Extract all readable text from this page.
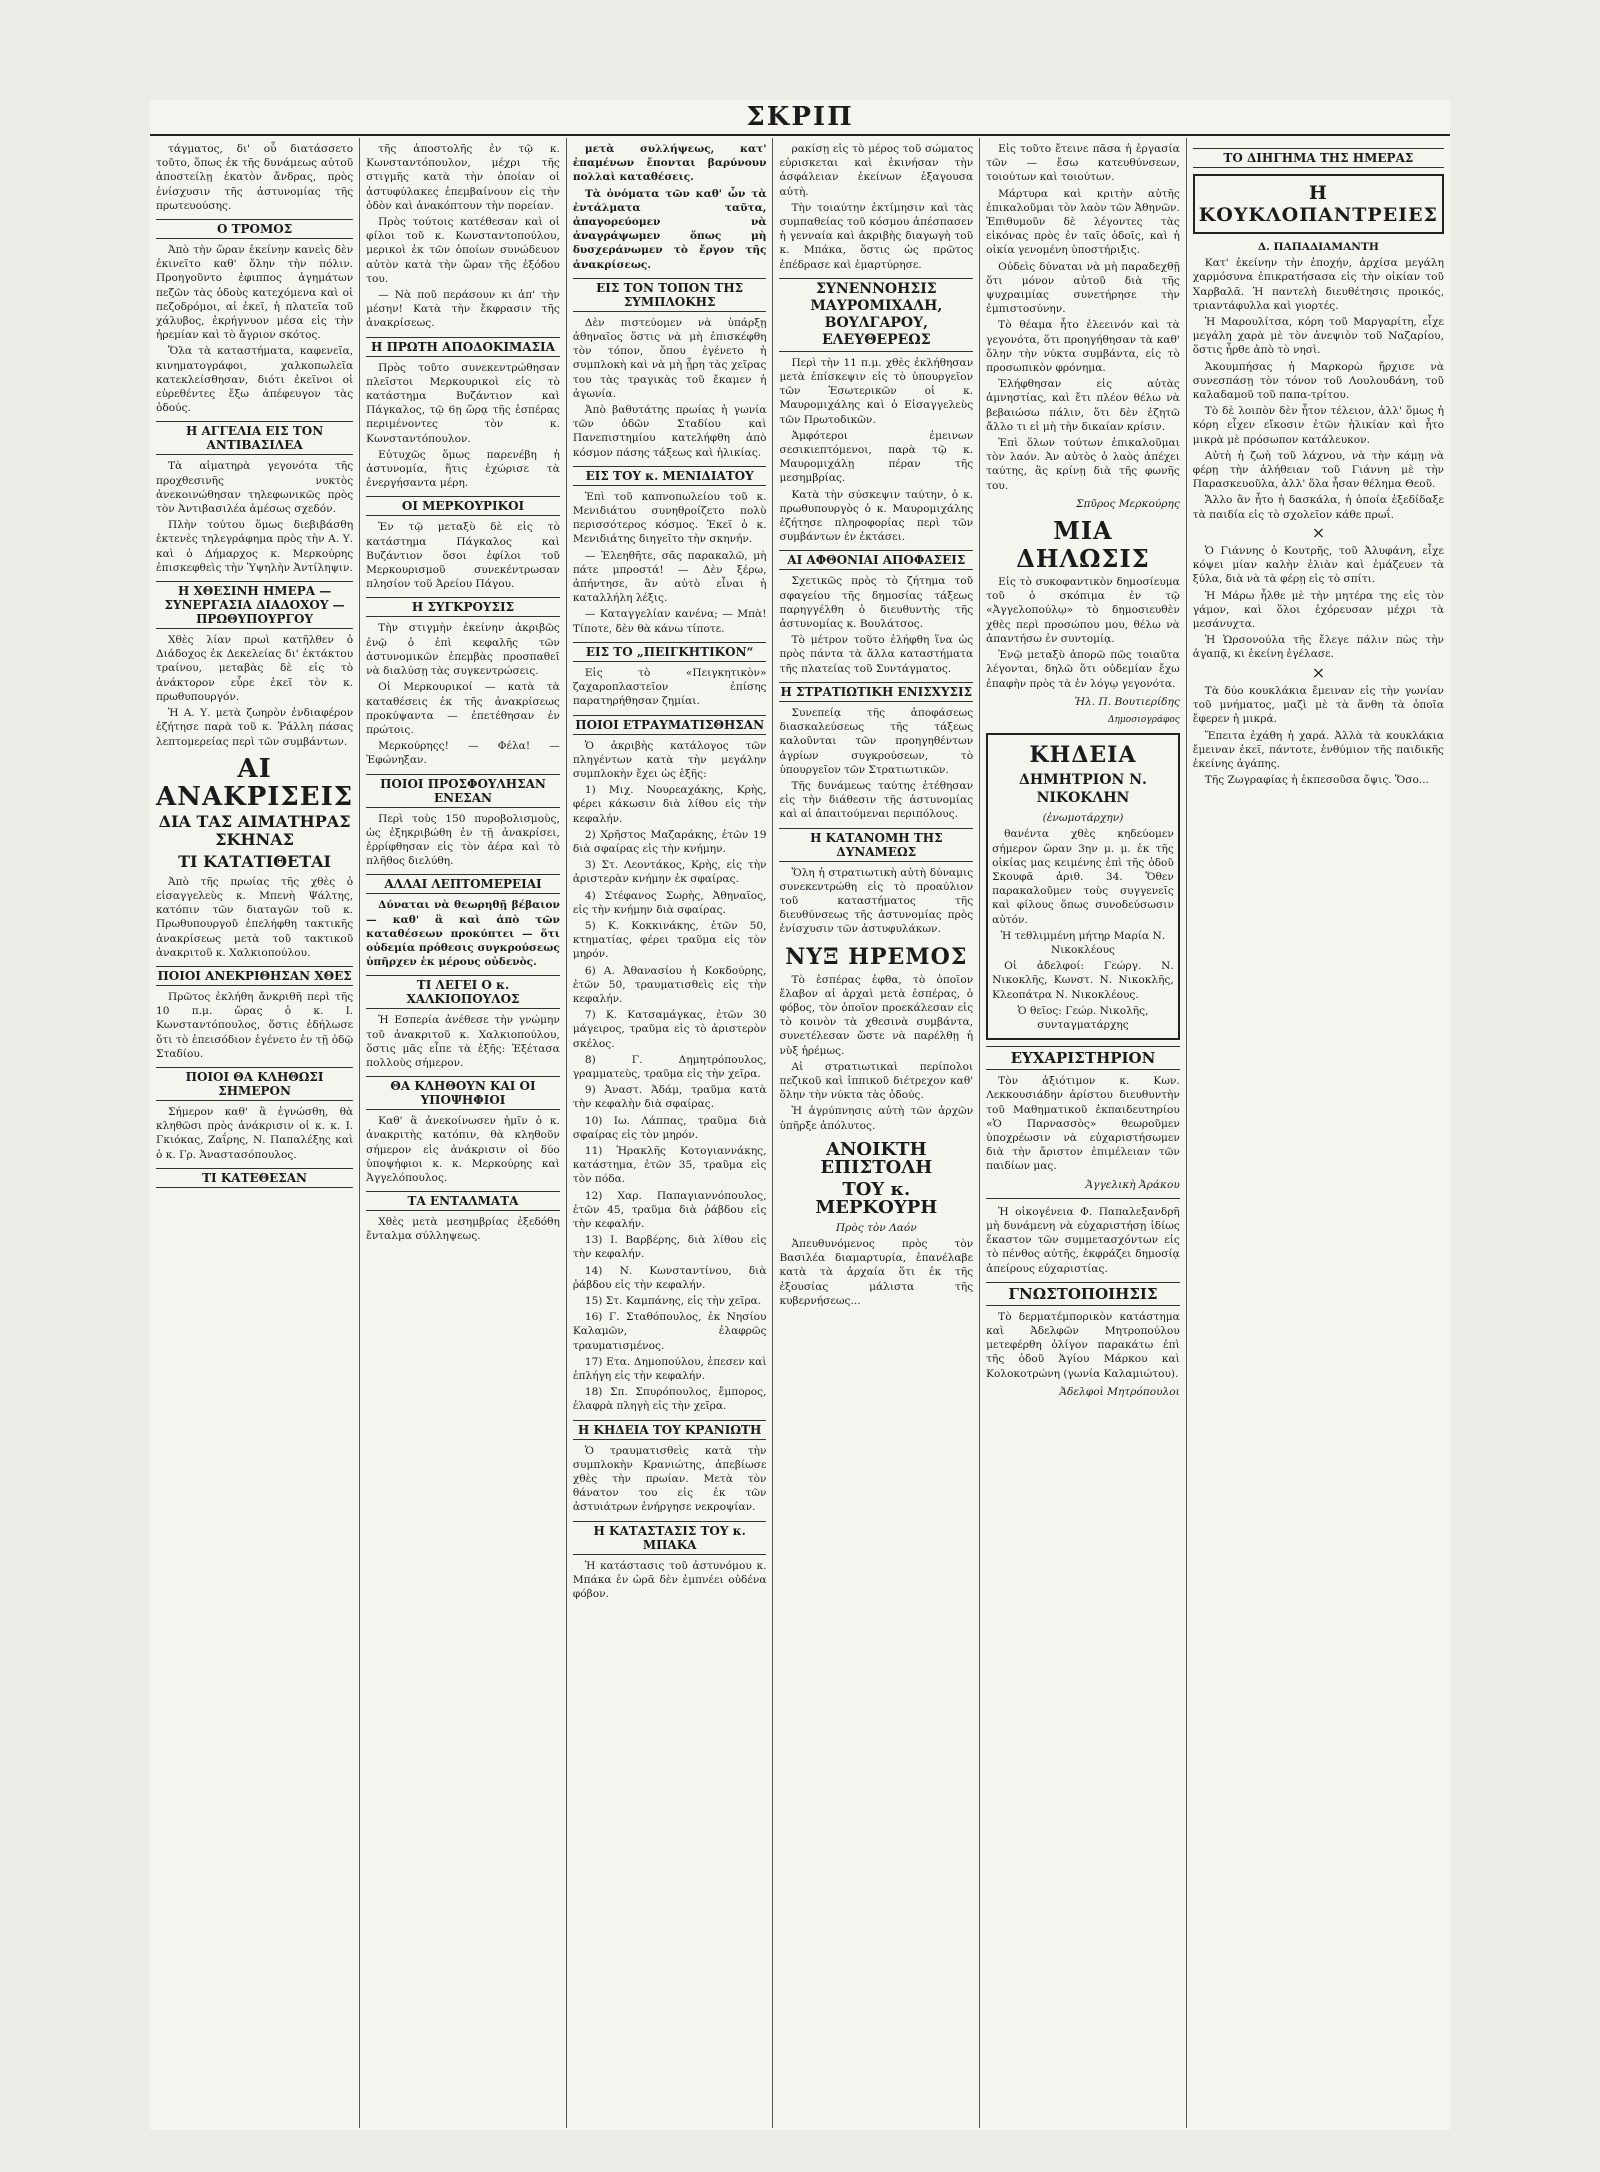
ΣΚΡΙΠ

τάγματος, δι' οὗ διατάσσετο τοῦτο, ὅπως ἐκ τῆς δυνάμεως αὐτοῦ ἀποστείλῃ ἑκατὸν ἄνδρας, πρὸς ἐνίσχυσιν τῆς ἀστυνομίας τῆς πρωτευούσης.

Ο ΤΡΟΜΟΣ

Ἀπὸ τὴν ὥραν ἐκείνην κανεὶς δὲν ἐκινεῖτο καθ' ὅλην τὴν πόλιν. Προηγοῦντο ἐφιππος ἀγημάτων πεζῶν τὰς ὁδοὺς κατεχόμενα καὶ οἱ πεζοδρόμοι, αἱ ἐκεῖ, ἡ πλατεῖα τοῦ χάλυβος, ἐκρήγνυον μέσα εἰς τὴν ἠρεμίαν καὶ τὸ ἄγριον σκότος.

Ὅλα τὰ καταστήματα, καφενεῖα, κινηματογράφοι, χαλκοπωλεῖα κατεκλείσθησαν, διότι ἐκεῖνοι οἱ εὑρεθέντες ἔξω ἀπέφευγον τὰς ὁδούς.

Η ΑΓΓΕΛΙΑ ΕΙΣ ΤΟΝ ΑΝΤΙΒΑΣΙΛΕΑ

Τὰ αἱματηρὰ γεγονότα τῆς προχθεσινῆς νυκτὸς ἀνεκοινώθησαν τηλεφωνικῶς πρὸς τὸν Ἀντιβασιλέα ἀμέσως σχεδόν.

Πλὴν τούτου ὅμως διεβιβάσθη ἐκτενὲς τηλεγράφημα πρὸς τὴν Α. Υ. καὶ ὁ Δήμαρχος κ. Μερκούρης ἐπισκεφθεὶς τὴν Ὑψηλὴν Ἀντίληψιν.

Η ΧΘΕΣΙΝΗ ΗΜΕΡΑ — ΣΥΝΕΡΓΑΣΙΑ ΔΙΑΔΟΧΟΥ — ΠΡΩΘΥΠΟΥΡΓΟΥ

Χθὲς λίαν πρωὶ κατῆλθεν ὁ Διάδοχος ἐκ Δεκελείας δι' ἐκτάκτου τραίνου, μεταβὰς δὲ εἰς τὸ ἀνάκτορον εὗρε ἐκεῖ τὸν κ. πρωθυπουργόν.

Ἡ Α. Υ. μετὰ ζωηρὸν ἐνδιαφέρον ἐζήτησε παρὰ τοῦ κ. Ῥάλλη πάσας λεπτομερείας περὶ τῶν συμβάντων.

ΑΙ ΑΝΑΚΡΙΣΕΙΣ
ΔΙΑ ΤΑΣ ΑΙΜΑΤΗΡΑΣ ΣΚΗΝΑΣ
ΤΙ ΚΑΤΑΤΙΘΕΤΑΙ

Ἀπὸ τῆς πρωίας τῆς χθὲς ὁ εἰσαγγελεὺς κ. Μπενὴ Ψάλτης, κατόπιν τῶν διαταγῶν τοῦ κ. Πρωθυπουργοῦ ἐπελήφθη τακτικῆς ἀνακρίσεως μετὰ τοῦ τακτικοῦ ἀνακριτοῦ κ. Χαλκιοπούλου.

ΠΟΙΟΙ ΑΝΕΚΡΙΘΗΣΑΝ ΧΘΕΣ

Πρῶτος ἐκλήθη ἄνκριθῆ περὶ τῆς 10 π.μ. ὥρας ὁ κ. Ι. Κωνσταντόπουλος, ὅστις ἐδήλωσε ὅτι τὸ ἐπεισόδιον ἐγένετο ἐν τῇ ὁδῷ Σταδίου.

ΠΟΙΟΙ ΘΑ ΚΛΗΘΩΣΙ ΣΗΜΕΡΟΝ

Σήμερον καθ' ἃ ἐγνώσθη, θὰ κληθῶσι πρὸς ἀνάκρισιν οἱ κ. κ. Ι. Γκιόκας, Ζαΐρης, Ν. Παπαλέξης καὶ ὁ κ. Γρ. Ἀναστασόπουλος.

ΤΙ ΚΑΤΕΘΕΣΑΝ

τῆς ἀποστολῆς ἐν τῷ κ. Κωνσταντόπουλον, μέχρι τῆς στιγμῆς κατὰ τὴν ὁποίαν οἱ ἀστυφύλακες ἐπεμβαίνουν εἰς τὴν ὁδὸν καὶ ἀνακόπτουν τὴν πορείαν.

Πρὸς τούτοις κατέθεσαν καὶ οἱ φίλοι τοῦ κ. Κωνσταντοπούλου, μερικοὶ ἐκ τῶν ὁποίων συνώδευον αὐτὸν κατὰ τὴν ὥραν τῆς ἐξόδου του.

— Νὰ ποῦ περάσουν κι ἀπ' τὴν μέσην! Κατὰ τὴν ἔκφρασιν τῆς ἀνακρίσεως.

Η ΠΡΩΤΗ ΑΠΟΔΟΚΙΜΑΣΙΑ

Πρὸς τοῦτο συνεκεντρώθησαν πλεῖστοι Μερκουρικοὶ εἰς τὸ κατάστημα Βυζάντιον καὶ Πάγκαλος, τῷ 6ῃ ὥρᾳ τῆς ἑσπέρας περιμένοντες τὸν κ. Κωνσταντόπουλον.

Εὐτυχῶς ὅμως παρενέβη ἡ ἀστυνομία, ἥτις ἐχώρισε τὰ ἐνεργήσαντα μέρη.

ΟΙ ΜΕΡΚΟΥΡΙΚΟΙ

Ἐν τῷ μεταξὺ δὲ εἰς τὸ κατάστημα Πάγκαλος καὶ Βυζάντιον ὅσοι ἐφίλοι τοῦ Μερκουρισμοῦ συνεκέντρωσαν πλησίον τοῦ Ἀρείου Πάγου.

Η ΣΥΓΚΡΟΥΣΙΣ

Τὴν στιγμὴν ἐκείνην ἀκριβῶς ἐνῷ ὁ ἐπὶ κεφαλῆς τῶν ἀστυνομικῶν ἐπεμβὰς προσπαθεῖ νὰ διαλύσῃ τὰς συγκεντρώσεις.

Οἱ Μερκουρικοί — κατὰ τὰ καταθέσεις ἐκ τῆς ἀνακρίσεως προκύψαντα — ἐπετέθησαν ἐν πρώτοις.

Μερκούρηςς! — Φέλα! — Ἐφώνηξαν.

ΠΟΙΟΙ ΠΡΟΣΦΟΥΛΗΣΑΝ ΕΝΕΣΑΝ

Περὶ τοὺς 150 πυροβολισμοὺς, ὡς ἐξηκριβώθη ἐν τῇ ἀνακρίσει, ἐρρίφθησαν εἰς τὸν ἀέρα καὶ τὸ πλῆθος διελύθη.

ΑΛΛΑΙ ΛΕΠΤΟΜΕΡΕΙΑΙ

Δύναται νὰ θεωρηθῇ βέβαιον — καθ' ἃ καὶ ἀπὸ τῶν καταθέσεων προκύπτει — ὅτι οὐδεμία πρόθεσις συγκρούσεως ὑπῆρχεν ἐκ μέρους οὐδενὸς.

ΤΙ ΛΕΓΕΙ Ο κ. ΧΑΛΚΙΟΠΟΥΛΟΣ

Ἡ Εσπερία ἀνέθεσε τὴν γνώμην τοῦ ἀνακριτοῦ κ. Χαλκιοπούλου, ὅστις μᾶς εἶπε τὰ ἑξῆς: Ἐξέτασα πολλοὺς σήμερον.

ΘΑ ΚΛΗΘΟΥΝ ΚΑΙ ΟΙ ΥΠΟΨΗΦΙΟΙ

Καθ' ἃ ἀνεκοίνωσεν ἡμῖν ὁ κ. ἀνακριτὴς κατόπιν, θὰ κληθοῦν σήμερον εἰς ἀνάκρισιν οἱ δύο ὑποψήφιοι κ. κ. Μερκούρης καὶ Ἀγγελόπουλος.

ΤΑ ΕΝΤΑΛΜΑΤΑ

Χθὲς μετὰ μεσημβρίας ἐξεδόθη ἔνταλμα σύλληψεως.

μετὰ συλλήψεως, κατ' ἐπαμένων ἔπονται βαρύνουν πολλαὶ καταθέσεις.

Τὰ ὀνόματα τῶν καθ' ὧν τὰ ἐντάλματα ταῦτα, ἀπαγορεύομεν νὰ ἀναγράψωμεν ὅπως μὴ δυσχεράνωμεν τὸ ἔργον τῆς ἀνακρίσεως.

ΕΙΣ ΤΟΝ ΤΟΠΟΝ ΤΗΣ ΣΥΜΠΛΟΚΗΣ

Δὲν πιστεύομεν νὰ ὑπάρξῃ ἀθηναῖος ὅστις νὰ μὴ ἐπισκέφθη τὸν τόπον, ὅπου ἐγένετο ἡ συμπλοκὴ καὶ νὰ μὴ ᾖρη τὰς χεῖρας του τὰς τραγικὰς τοῦ ἔκαμεν ἡ ἀγωνία.

Ἀπὸ βαθυτάτης πρωίας ἡ γωνία τῶν ὁδῶν Σταδίου καὶ Πανεπιστημίου κατελήφθη ἀπὸ κόσμον πάσης τάξεως καὶ ἡλικίας.

ΕΙΣ ΤΟΥ κ. ΜΕΝΙΔΙΑΤΟΥ

Ἐπὶ τοῦ καπνοπωλείου τοῦ κ. Μενιδιάτου συνηθροίζετο πολὺ περισσότερος κόσμος. Ἐκεῖ ὁ κ. Μενιδιάτης διηγεῖτο τὴν σκηνήν.

— Ἐλεηθῆτε, σᾶς παρακαλῶ, μὴ πάτε μπροστά! — Δὲν ξέρω, ἀπήντησε, ἂν αὐτὸ εἶναι ἡ καταλλήλη λέξις.

— Καταγγελίαν κανένα; — Μπὰ! Τίποτε, δὲν θὰ κάνω τίποτε.

ΕΙΣ ΤΟ „ΠΕΙΓΚΗΤΙΚΟΝ“

Εἰς τὸ «Πειγκητικὸν» ζαχαροπλαστεῖον ἐπίσης παρατηρήθησαν ζημίαι.

ΠΟΙΟΙ ΕΤΡΑΥΜΑΤΙΣΘΗΣΑΝ

Ὁ ἀκριβὴς κατάλογος τῶν πληγέντων κατὰ τὴν μεγάλην συμπλοκὴν ἔχει ὡς ἑξῆς:

1) Μιχ. Νουρεαχάκης, Κρὴς, φέρει κάκωσιν διὰ λίθου εἰς τὴν κεφαλήν.

2) Χρῆστος Μαζαράκης, ἐτῶν 19 διὰ σφαίρας εἰς τὴν κνήμην.

3) Στ. Λεοντάκος, Κρὴς, εἰς τὴν ἀριστερὰν κνήμην ἐκ σφαίρας.

4) Στέφανος Σωρὴς, Ἀθηναῖος, εἰς τὴν κνήμην διὰ σφαίρας.

5) Κ. Κοκκινάκης, ἐτῶν 50, κτηματίας, φέρει τραῦμα εἰς τὸν μηρόν.

6) Α. Ἀθανασίου ἡ Κοκδούρης, ἐτῶν 50, τραυματισθεὶς εἰς τὴν κεφαλήν.

7) Κ. Κατσαμάγκας, ἐτῶν 30 μάγειρος, τραῦμα εἰς τὸ ἀριστερὸν σκέλος.

8) Γ. Δημητρόπουλος, γραμματεὺς, τραῦμα εἰς τὴν χεῖρα.

9) Ἀναστ. Ἀδάμ, τραῦμα κατὰ τὴν κεφαλὴν διὰ σφαίρας.

10) Ιω. Λάππας, τραῦμα διὰ σφαίρας εἰς τὸν μηρόν.

11) Ἡρακλῆς Κοτογιαννάκης, κατάστημα, ἐτῶν 35, τραῦμα εἰς τὸν πόδα.

12) Χαρ. Παπαγιαννόπουλος, ἐτῶν 45, τραῦμα διὰ ῥάβδου εἰς τὴν κεφαλήν.

13) Ι. Βαρβέρης, διὰ λίθου εἰς τὴν κεφαλήν.

14) Ν. Κωνσταντίνου, διὰ ῥάβδου εἰς τὴν κεφαλήν.

15) Στ. Καμπάνης, εἰς τὴν χεῖρα.

16) Γ. Σταθόπουλος, ἐκ Νησίου Καλαμῶν, ἐλαφρῶς τραυματισμένος.

17) Ετα. Δημοπούλου, ἐπεσεν καὶ ἐπλήγη εἰς τὴν κεφαλήν.

18) Σπ. Σπυρόπουλος, ἔμπορος, ἐλαφρὰ πληγὴ εἰς τὴν χεῖρα.

Η ΚΗΔΕΙΑ ΤΟΥ ΚΡΑΝΙΩΤΗ

Ὁ τραυματισθεὶς κατὰ τὴν συμπλοκὴν Κρανιώτης, ἀπεβίωσε χθὲς τὴν πρωίαν. Μετὰ τὸν θάνατον του εἰς ἐκ τῶν ἀστυιάτρων ἐνήργησε νεκροψίαν.

Η ΚΑΤΑΣΤΑΣΙΣ ΤΟΥ κ. ΜΠΑΚΑ

Ἡ κατάστασις τοῦ ἀστυνόμου κ. Μπάκα ἐν ὠρᾶ δὲν ἐμπνέει οὐδένα φόβον.

ρακίσῃ εἰς τὸ μέρος τοῦ σώματος εὐρισκεται καὶ ἐκινήσαν τὴν ἀσφάλειαν ἐκείνων ἐξαγουσα αὐτὴ.

Τὴν τοιαύτην ἐκτίμησιν καὶ τὰς συμπαθείας τοῦ κόσμου ἀπέσπασεν ἡ γενναία καὶ ἀκριβὴς διαγωγὴ τοῦ κ. Μπάκα, ὅστις ὡς πρῶτος ἐπέδρασε καὶ ἐμαρτύρησε.

ΣΥΝΕΝΝΟΗΣΙΣ ΜΑΥΡΟΜΙΧΑΛΗ, ΒΟΥΛΓΑΡΟΥ, ΕΛΕΥΘΕΡΕΩΣ

Περὶ τὴν 11 π.μ. χθὲς ἐκλήθησαν μετὰ ἐπίσκεψιν εἰς τὸ ὑπουργεῖον τῶν Ἐσωτερικῶν οἱ κ. Μαυρομιχάλης καὶ ὁ Εἰσαγγελεὺς τῶν Πρωτοδικῶν.

Ἀμφότεροι ἐμεινων σεσικιεπτόμενοι, παρὰ τῷ κ. Μαυρομιχάλῃ πέραν τῆς μεσημβρίας.

Κατὰ τὴν σύσκεψιν ταύτην, ὁ κ. πρωθυπουργὸς ὁ κ. Μαυρομιχάλης ἐζήτησε πληροφορίας περὶ τῶν συμβάντων ἐν ἐκτάσει.

ΑΙ ΑΦΘΟΝΙΑΙ ΑΠΟΦΑΣΕΙΣ

Σχετικῶς πρὸς τὸ ζήτημα τοῦ σφαγείου τῆς δημοσίας τάξεως παρηγγέλθη ὁ διευθυντὴς τῆς ἀστυνομίας κ. Βουλάτσος.

Τὸ μέτρον τοῦτο ἐλήφθη ἵνα ὡς πρὸς πάντα τὰ ἄλλα καταστήματα τῆς πλατείας τοῦ Συντάγματος.

Η ΣΤΡΑΤΙΩΤΙΚΗ ΕΝΙΣΧΥΣΙΣ

Συνεπείᾳ τῆς ἀποφάσεως διασκαλεύσεως τῆς τάξεως καλοῦνται τῶν προηγηθέντων ἀγρίων συγκρούσεων, τὸ ὑπουργεῖον τῶν Στρατιωτικῶν.

Τῆς δυνάμεως ταύτης ἐτέθησαν εἰς τὴν διάθεσιν τῆς ἀστυνομίας καὶ αἱ ἀπαιτούμεναι περιπόλους.

Η ΚΑΤΑΝΟΜΗ ΤΗΣ ΔΥΝΑΜΕΩΣ

Ὅλη ἡ στρατιωτικὴ αὐτὴ δύναμις συνεκεντρώθη εἰς τὸ προαύλιον τοῦ καταστήματος τῆς διευθύνσεως τῆς ἀστυνομίας πρὸς ἐνίσχυσιν τῶν ἀστυφυλάκων.

ΝΥΞ ΗΡΕΜΟΣ

Τὸ ἑσπέρας ἐφθα, τὸ ὁποῖον ἔλαβον αἱ ἀρχαὶ μετὰ ἐσπέρας, ὁ φόβος, τὸν ὁποῖον προεκάλεσαν εἰς τὸ κοινὸν τὰ χθεσινὰ συμβάντα, συνετέλεσαν ὥστε νὰ παρέλθῃ ἡ νὺξ ἠρέμως.

Αἱ στρατιωτικαὶ περίπολοι πεζικοῦ καὶ ἱππικοῦ διέτρεχον καθ' ὅλην τὴν νύκτα τὰς ὁδούς.

Ἡ ἀγρύπνησις αὐτὴ τῶν ἀρχῶν ὑπῆρξε ἀπόλυτος.

ΑΝΟΙΚΤΗ ΕΠΙΣΤΟΛΗ
ΤΟΥ κ. ΜΕΡΚΟΥΡΗ

Πρὸς τὸν Λαόν

Ἀπευθυνόμενος πρὸς τὸν Βασιλέα διαμαρτυρία, ἐπανέλαβε κατὰ τὰ ἀρχαία ὅτι ἐκ τῆς ἐξουσίας μάλιστα τῆς κυβερνήσεως...

Εἰς τοῦτο ἔτεινε πᾶσα ἡ ἐργασία τῶν — ἔσω κατευθύνσεων, τοιούτων καὶ τοιούτων.

Μάρτυρα καὶ κριτὴν αὐτῆς ἐπικαλοῦμαι τὸν λαὸν τῶν Ἀθηνῶν. Ἐπιθυμοῦν δὲ λέγοντες τὰς εἰκόνας πρὸς ἐν ταῖς ὁδοῖς, καὶ ἡ οἰκία γενομένη ὑποστήριξις.

Οὐδεὶς δύναται νὰ μὴ παραδεχθῇ ὅτι μόνον αὐτοῦ διὰ τῆς ψυχραιμίας συνετήρησε τὴν ἐμπιστοσύνην.

Τὸ θέαμα ἦτο ἐλεεινόν καὶ τὰ γεγονότα, ὅτι προηγήθησαν τὰ καθ' ὅλην τὴν νύκτα συμβάντα, εἰς τὸ προσωπικὸν φρόνημα.

Ἐλήφθησαν εἰς αὐτὰς ἀμνηστίας, καὶ ἔτι πλέον θέλω νὰ βεβαιώσω πάλιν, ὅτι δὲν ἐζητῶ ἄλλο τι εἰ μὴ τὴν δικαίαν κρίσιν.

Ἐπὶ ὅλων τούτων ἐπικαλοῦμαι τὸν λαόν. Ἀν αὐτὸς ὁ λαὸς ἀπέχει ταύτης, ἂς κρίνῃ διὰ τῆς φωνῆς του.

Σπῦρος Μερκούρης
ΜΙΑ ΔΗΛΩΣΙΣ

Εἰς τὸ συκοφαντικὸν δημοσίευμα τοῦ ὁ σκόπιμα ἐν τῷ «Ἀγγελοπούλῳ» τὸ δημοσιευθὲν χθὲς περὶ προσώπου μου, θέλω νὰ ἀπαντήσω ἐν συντομίᾳ.

Ἐνῷ μεταξὺ ἀπορῶ πῶς τοιαῦτα λέγονται, δηλῶ ὅτι οὐδεμίαν ἔχω ἐπαφὴν πρὸς τὰ ἐν λόγῳ γεγονότα.

Ἠλ. Π. Βουτιερίδης
Δημοσιογράφος
ΚΗΔΕΙΑ
ΔΗΜΗΤΡΙΟΝ Ν. ΝΙΚΟΚΛΗΝ

(ἐνωμοτάρχην)

θανέντα χθὲς κηδεύομεν σήμερον ὥραν 3ην μ. μ. ἐκ τῆς οἰκίας μας κειμένης ἐπὶ τῆς ὁδοῦ Σκουφᾶ ἀριθ. 34. Ὅθεν παρακαλοῦμεν τοὺς συγγενεῖς καὶ φίλους ὅπως συνοδεύσωσιν αὐτόν.

Ἡ τεθλιμμένη μήτηρ Μαρία Ν. Νικοκλέους

Οἱ ἀδελφοί: Γεώργ. Ν. Νικοκλῆς, Κωνστ. Ν. Νικοκλῆς, Κλεοπάτρα Ν. Νικοκλέους.

Ὁ θεῖος: Γεώρ. Νικολῆς, συνταγματάρχης

ΕΥΧΑΡΙΣΤΗΡΙΟΝ

Τὸν ἀξιότιμον κ. Κων. Λεκκουσιάδην ἀρίστου διευθυντὴν τοῦ Μαθηματικοῦ ἐκπαιδευτηρίου «Ὁ Παρνασσὸς» θεωροῦμεν ὑποχρέωσιν νὰ εὐχαριστήσωμεν διὰ τὴν ἄριστον ἐπιμέλειαν τῶν παιδίων μας.

Ἀγγελικὴ Ἀράκου

Ἡ οἰκογένεια Φ. Παπαλεξανδρῆ μὴ δυνάμενη νὰ εὐχαριστήσῃ ἰδίως ἕκαστον τῶν συμμετασχόντων εἰς τὸ πένθος αὐτῆς, ἐκφράζει δημοσίᾳ ἀπείρους εὐχαριστίας.

ΓΝΩΣΤΟΠΟΙΗΣΙΣ

Τὸ δερματέμπορικὸν κατάστημα καὶ Ἀδελφῶν Μητροπούλου μετεφέρθη ὀλίγον παρακάτω ἐπὶ τῆς ὁδοῦ Ἁγίου Μάρκου καὶ Κολοκοτρώνη (γωνία Καλαμιώτου).

Ἀδελφοὶ Μητρόπουλοι
ΤΟ ΔΙΗΓΗΜΑ ΤΗΣ ΗΜΕΡΑΣ
Η ΚΟΥΚΛΟΠΑΝΤΡΕΙΕΣ

Δ. ΠΑΠΑΔΙΑΜΑΝΤΗ

Κατ' ἐκείνην τὴν ἐποχήν, ἀρχίσα μεγάλη χαρμόσυνα ἐπικρατήσασα εἰς τὴν οἰκίαν τοῦ Χαρβαλᾶ. Ἡ παντελὴ διευθέτησις προικός, τριαντάφυλλα καὶ γιορτές.

Ἡ Μαρουλίτσα, κόρη τοῦ Μαργαρίτη, εἶχε μεγάλη χαρὰ μὲ τὸν ἀνεψιὸν τοῦ Ναζαρίου, ὅστις ἦρθε ἀπὸ τὸ νησὶ.

Ἀκουμπήσας ἡ Μαρκορὼ ἤρχισε νὰ συνεσπάσῃ τὸν τόνον τοῦ Λουλουδάνη, τοῦ καλαδαμοῦ τοῦ παπα-τρίτου.

Τὸ δὲ λοιπὸν δὲν ἦτον τέλειον, ἀλλ' ὅμως ἡ κόρη εἶχεν εἴκοσιν ἐτῶν ἡλικίαν καὶ ἦτο μικρὰ μὲ πρόσωπον κατάλευκον.

Αὐτὴ ἡ ζωὴ τοῦ λάχνου, νὰ τὴν κάμῃ νὰ φέρῃ τὴν ἀλήθειαν τοῦ Γιάννη μὲ τὴν Παρασκευοῦλα, ἀλλ' ὅλα ἦσαν θέλημα Θεοῦ.

Ἄλλο ἂν ἦτο ἡ δασκάλα, ἡ ὁποία ἐξεδίδαξε τὰ παιδία εἰς τὸ σχολεῖον κάθε πρωΐ.

×

Ὁ Γιάννης ὁ Κουτρῆς, τοῦ Ἀλυφάνη, εἶχε κόψει μίαν καλὴν ἐλιὰν καὶ ἐμάζευεν τὰ ξύλα, διὰ νὰ τὰ φέρῃ εἰς τὸ σπίτι.

Ἡ Μάρω ἦλθε μὲ τὴν μητέρα της εἰς τὸν γάμον, καὶ ὅλοι ἐχόρευσαν μέχρι τὰ μεσάνυχτα.

Ἡ Ὡρσονούλα τῆς ἔλεγε πάλιν πὼς τὴν ἀγαπᾷ, κι ἐκείνη ἐγέλασε.

×

Τὰ δύο κουκλάκια ἔμειναν εἰς τὴν γωνίαν τοῦ μνήματος, μαζὶ μὲ τὰ ἄνθη τὰ ὁποῖα ἔφερεν ἡ μικρά.

Ἔπειτα ἐχάθη ἡ χαρά. Ἀλλὰ τὰ κουκλάκια ἔμειναν ἐκεῖ, πάντοτε, ἐνθύμιον τῆς παιδικῆς ἐκείνης ἀγάπης.

Τῆς Ζωγραφίας ἡ ἐκπεσοῦσα ὄψις. Ὅσο...
